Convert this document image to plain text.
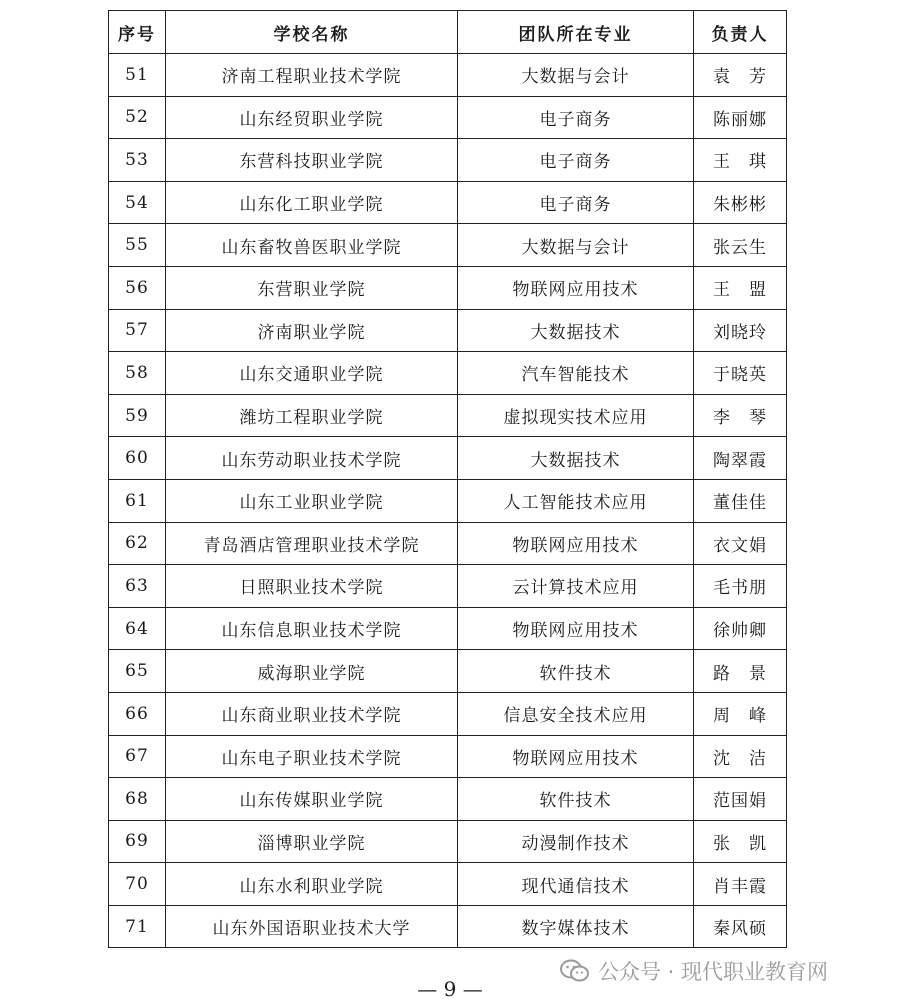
序号	学校名称	团队所在专业	负责人
51	济南工程职业技术学院	大数据与会计	袁　芳
52	山东经贸职业学院	电子商务	陈丽娜
53	东营科技职业学院	电子商务	王　琪
54	山东化工职业学院	电子商务	朱彬彬
55	山东畜牧兽医职业学院	大数据与会计	张云生
56	东营职业学院	物联网应用技术	王　盟
57	济南职业学院	大数据技术	刘晓玲
58	山东交通职业学院	汽车智能技术	于晓英
59	潍坊工程职业学院	虚拟现实技术应用	李　琴
60	山东劳动职业技术学院	大数据技术	陶翠霞
61	山东工业职业学院	人工智能技术应用	董佳佳
62	青岛酒店管理职业技术学院	物联网应用技术	衣文娟
63	日照职业技术学院	云计算技术应用	毛书朋
64	山东信息职业技术学院	物联网应用技术	徐帅卿
65	威海职业学院	软件技术	路　景
66	山东商业职业技术学院	信息安全技术应用	周　峰
67	山东电子职业技术学院	物联网应用技术	沈　洁
68	山东传媒职业学院	软件技术	范国娟
69	淄博职业学院	动漫制作技术	张　凯
70	山东水利职业学院	现代通信技术	肖丰霞
71	山东外国语职业技术大学	数字媒体技术	秦风硕
公众号 · 现代职业教育网
— 9 —
